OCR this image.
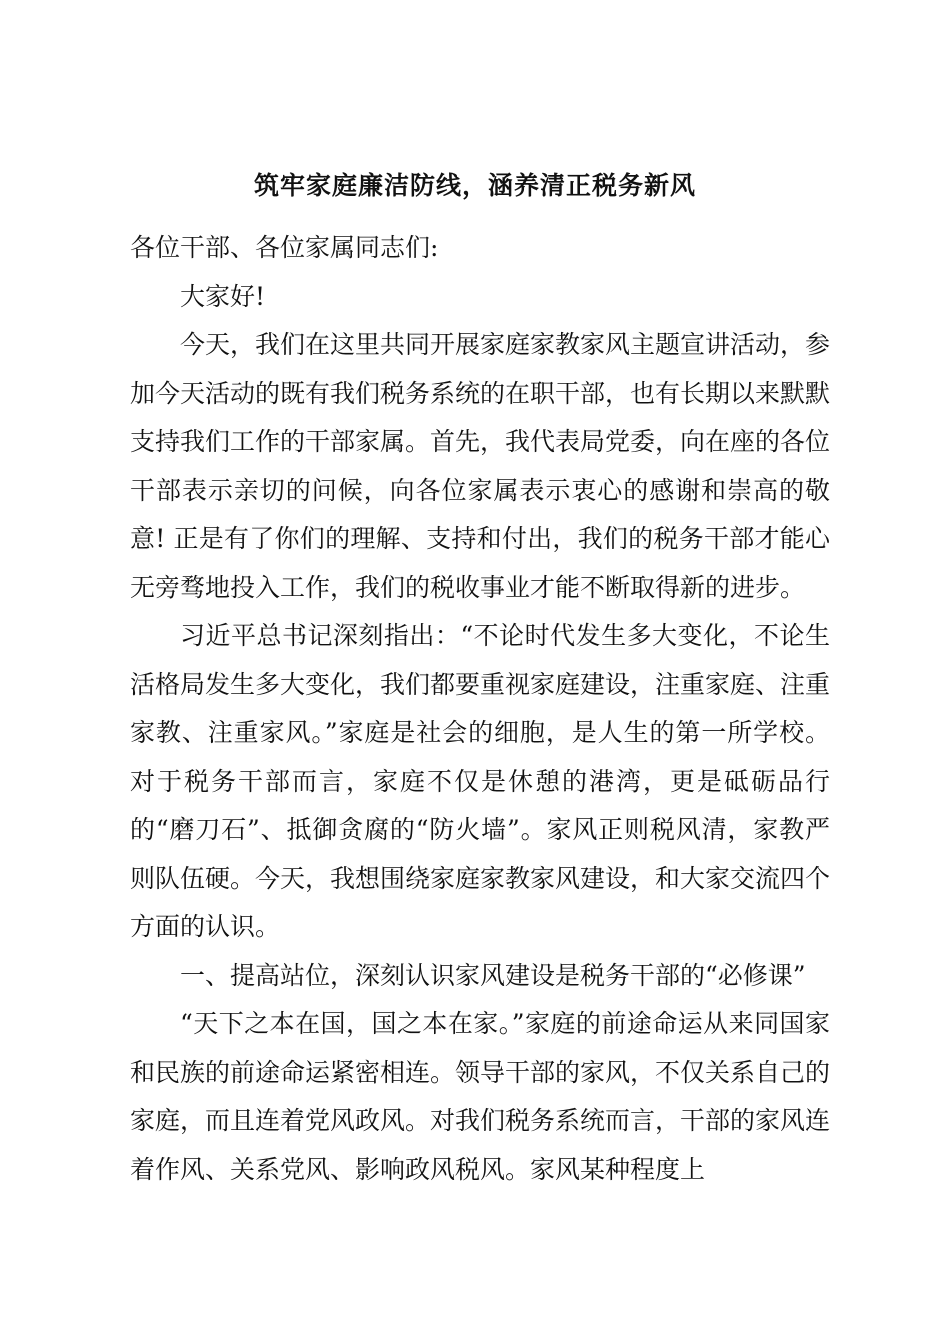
筑牢家庭廉洁防线，涵养清正税务新风

各位干部、各位家属同志们:

大家好!

今天，我们在这里共同开展家庭家教家风主题宣讲活动，参加今天活动的既有我们税务系统的在职干部，也有长期以来默默支持我们工作的干部家属。首先，我代表局党委，向在座的各位干部表示亲切的问候，向各位家属表示衷心的感谢和崇高的敬意! 正是有了你们的理解、支持和付出，我们的税务干部才能心无旁骛地投入工作，我们的税收事业才能不断取得新的进步。

习近平总书记深刻指出：“不论时代发生多大变化，不论生活格局发生多大变化，我们都要重视家庭建设，注重家庭、注重家教、注重家风。”家庭是社会的细胞，是人生的第一所学校。对于税务干部而言，家庭不仅是休憩的港湾，更是砥砺品行的“磨刀石”、抵御贪腐的“防火墙”。家风正则税风清，家教严则队伍硬。今天，我想围绕家庭家教家风建设，和大家交流四个方面的认识。

一、提高站位，深刻认识家风建设是税务干部的“必修课”

“天下之本在国，国之本在家。”家庭的前途命运从来同国家和民族的前途命运紧密相连。领导干部的家风，不仅关系自己的家庭，而且连着党风政风。对我们税务系统而言，干部的家风连着作风、关系党风、影响政风税风。家风某种程度上
